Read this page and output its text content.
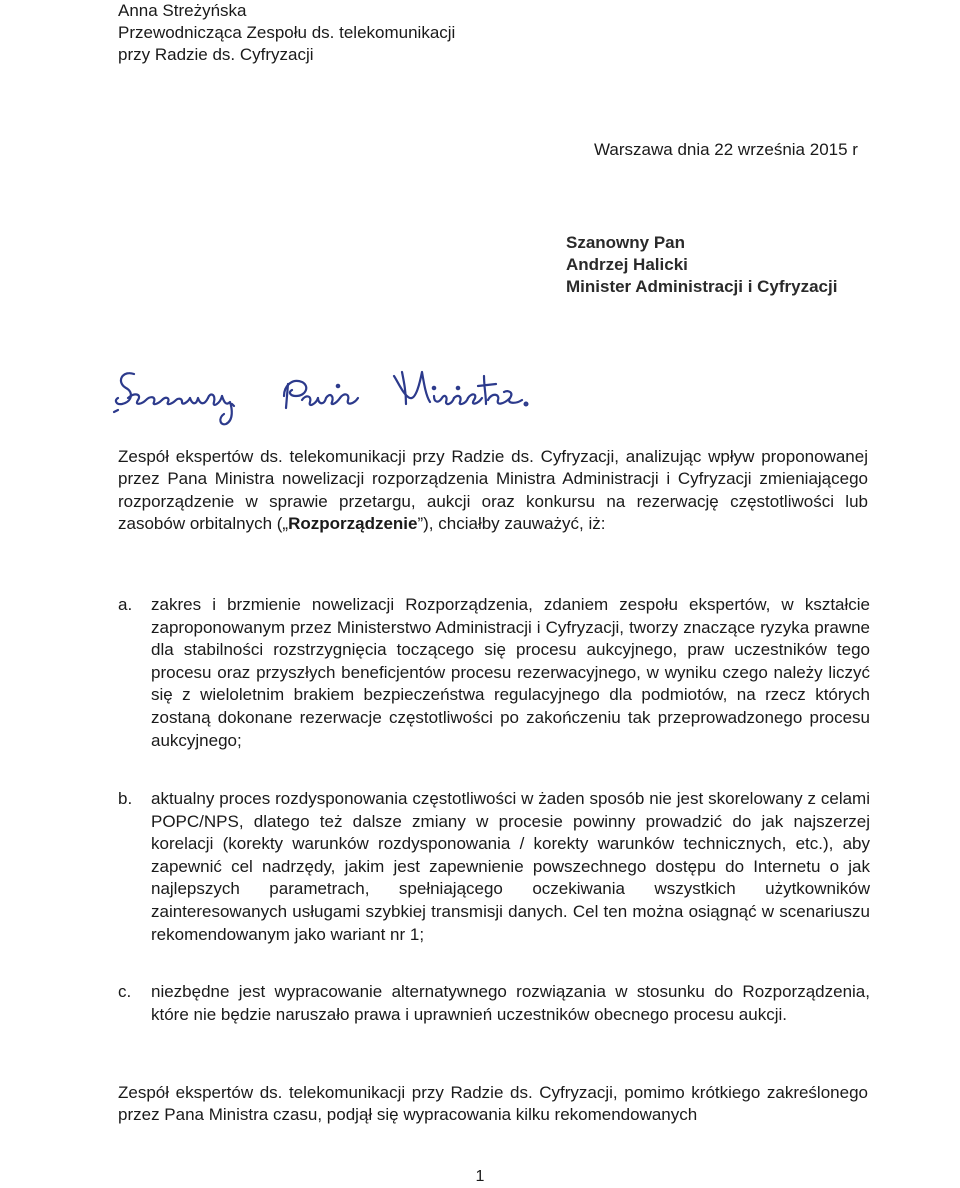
Anna Streżyńska
Przewodnicząca Zespołu ds. telekomunikacji
przy Radzie ds. Cyfryzacji
Warszawa dnia 22 września 2015 r
Szanowny Pan
Andrzej Halicki
Minister Administracji i Cyfryzacji
Zespół ekspertów ds. telekomunikacji przy Radzie ds. Cyfryzacji, analizując wpływ proponowanej przez Pana Ministra nowelizacji rozporządzenia Ministra Administracji i Cyfryzacji zmieniającego rozporządzenie w sprawie przetargu, aukcji oraz konkursu na rezerwację częstotliwości lub zasobów orbitalnych („Rozporządzenie”), chciałby zauważyć, iż:
a. zakres i brzmienie nowelizacji Rozporządzenia, zdaniem zespołu ekspertów, w kształcie zaproponowanym przez Ministerstwo Administracji i Cyfryzacji, tworzy znaczące ryzyka prawne dla stabilności rozstrzygnięcia toczącego się procesu aukcyjnego, praw uczestników tego procesu oraz przyszłych beneficjentów procesu rezerwacyjnego, w wyniku czego należy liczyć się z wieloletnim brakiem bezpieczeństwa regulacyjnego dla podmiotów, na rzecz których zostaną dokonane rezerwacje częstotliwości po zakończeniu tak przeprowadzonego procesu aukcyjnego;
b. aktualny proces rozdysponowania częstotliwości w żaden sposób nie jest skorelowany z celami POPC/NPS, dlatego też dalsze zmiany w procesie powinny prowadzić do jak najszerzej korelacji (korekty warunków rozdysponowania / korekty warunków technicznych, etc.), aby zapewnić cel nadrzędy, jakim jest zapewnienie powszechnego dostępu do Internetu o jak najlepszych parametrach, spełniającego oczekiwania wszystkich użytkowników zainteresowanych usługami szybkiej transmisji danych. Cel ten można osiągnąć w scenariuszu rekomendowanym jako wariant nr 1;
c. niezbędne jest wypracowanie alternatywnego rozwiązania w stosunku do Rozporządzenia, które nie będzie naruszało prawa i uprawnień uczestników obecnego procesu aukcji.
Zespół ekspertów ds. telekomunikacji przy Radzie ds. Cyfryzacji, pomimo krótkiego zakreślonego przez Pana Ministra czasu, podjął się wypracowania kilku rekomendowanych
1
